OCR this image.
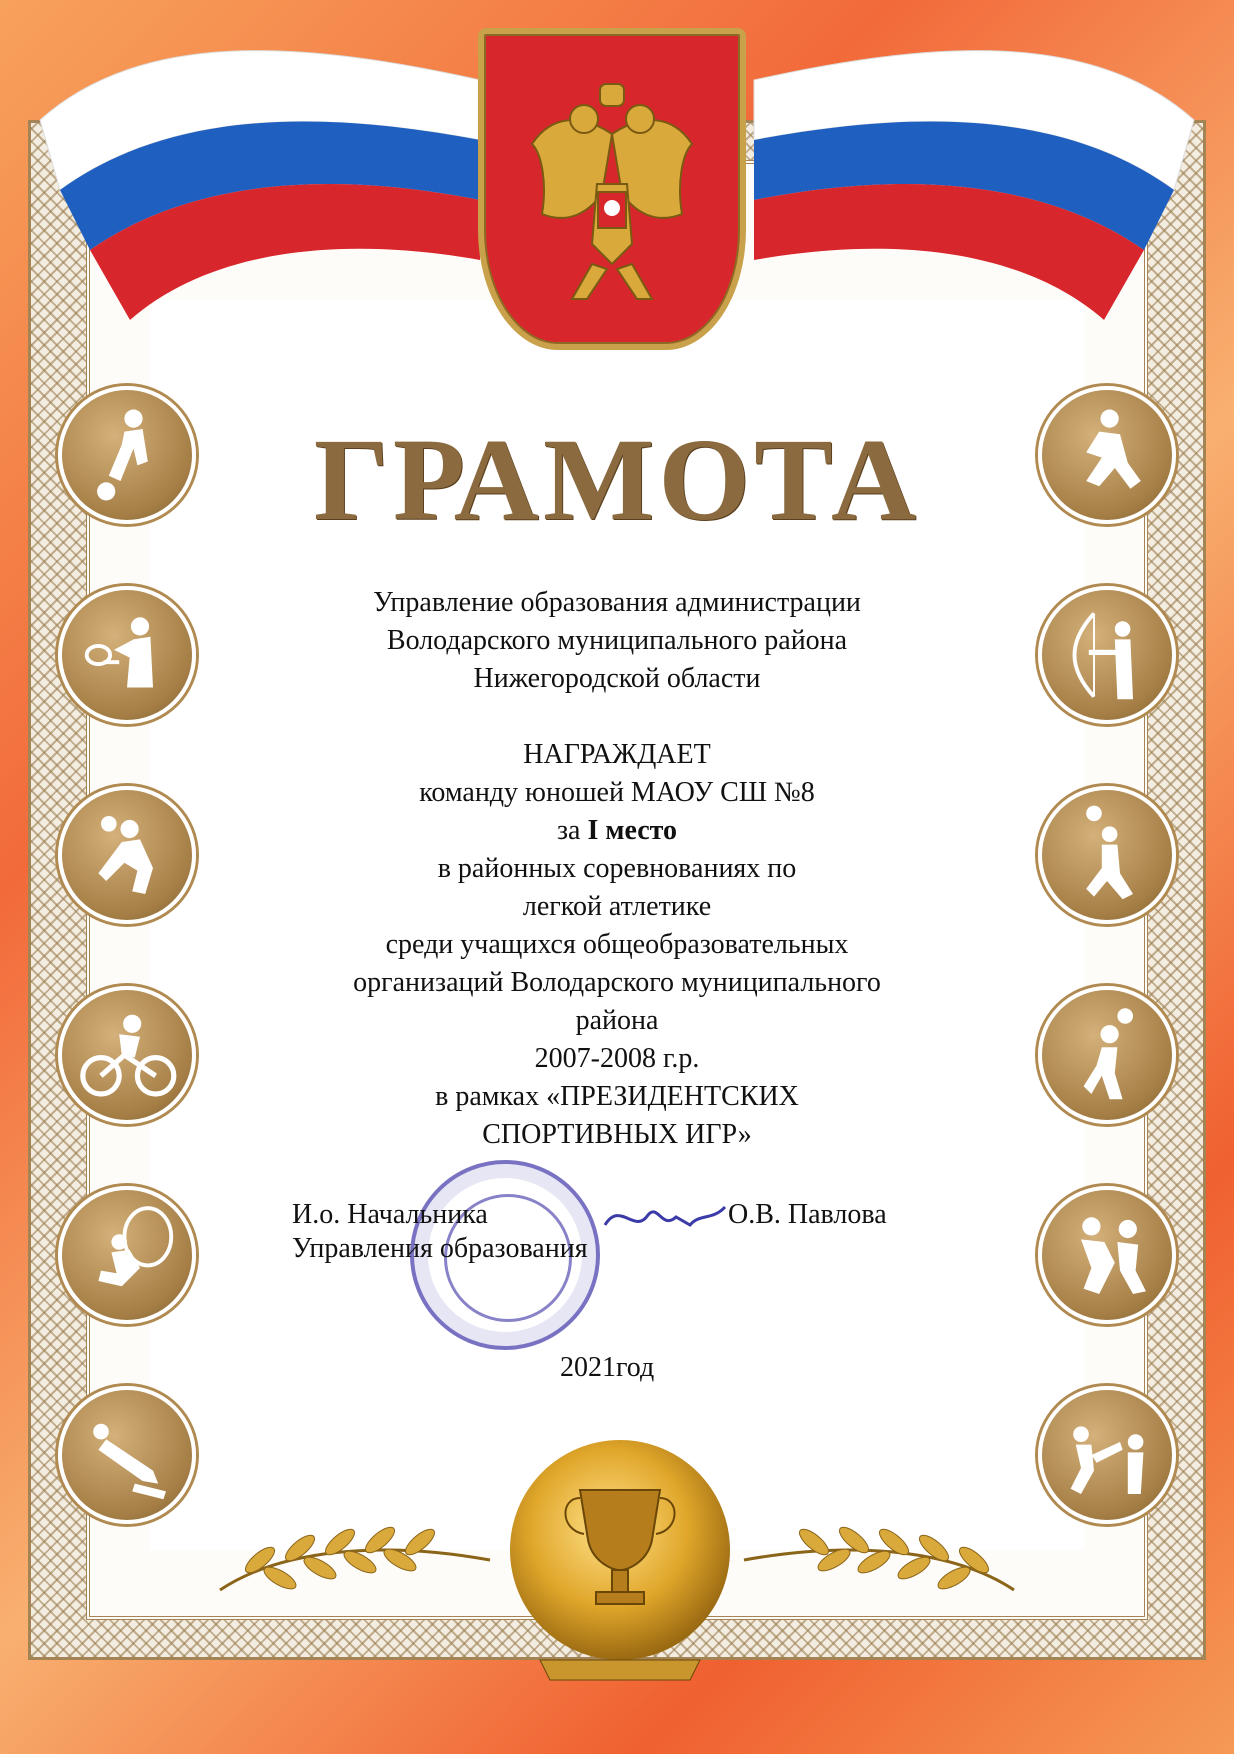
ГРАМОТА
Управление образования администрации
Володарского муниципального района
Нижегородской области
НАГРАЖДАЕТ
команду юношей МАОУ СШ №8
за I место
в районных соревнованиях по
легкой атлетике
среди учащихся общеобразовательных
организаций Володарского муниципального
района
2007-2008 г.р.
в рамках «ПРЕЗИДЕНТСКИХ
СПОРТИВНЫХ ИГР»
И.о. Начальника
Управления образования
О.В. Павлова
2021год
